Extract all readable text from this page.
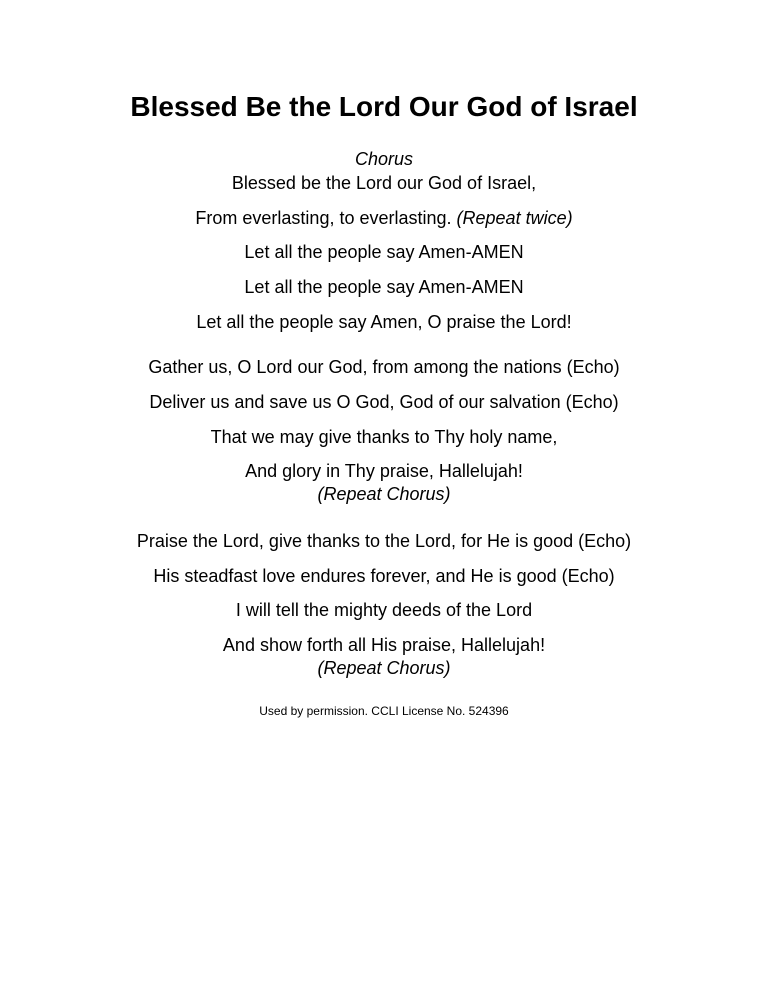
Blessed Be the Lord Our God of Israel
Chorus
Blessed be the Lord our God of Israel,
From everlasting, to everlasting. (Repeat twice)
Let all the people say Amen-AMEN
Let all the people say Amen-AMEN
Let all the people say Amen, O praise the Lord!
Gather us, O Lord our God, from among the nations (Echo)
Deliver us and save us O God, God of our salvation (Echo)
That we may give thanks to Thy holy name,
And glory in Thy praise, Hallelujah!
(Repeat Chorus)
Praise the Lord, give thanks to the Lord, for He is good (Echo)
His steadfast love endures forever, and He is good (Echo)
I will tell the mighty deeds of the Lord
And show forth all His praise, Hallelujah!
(Repeat Chorus)
Used by permission. CCLI License No. 524396
